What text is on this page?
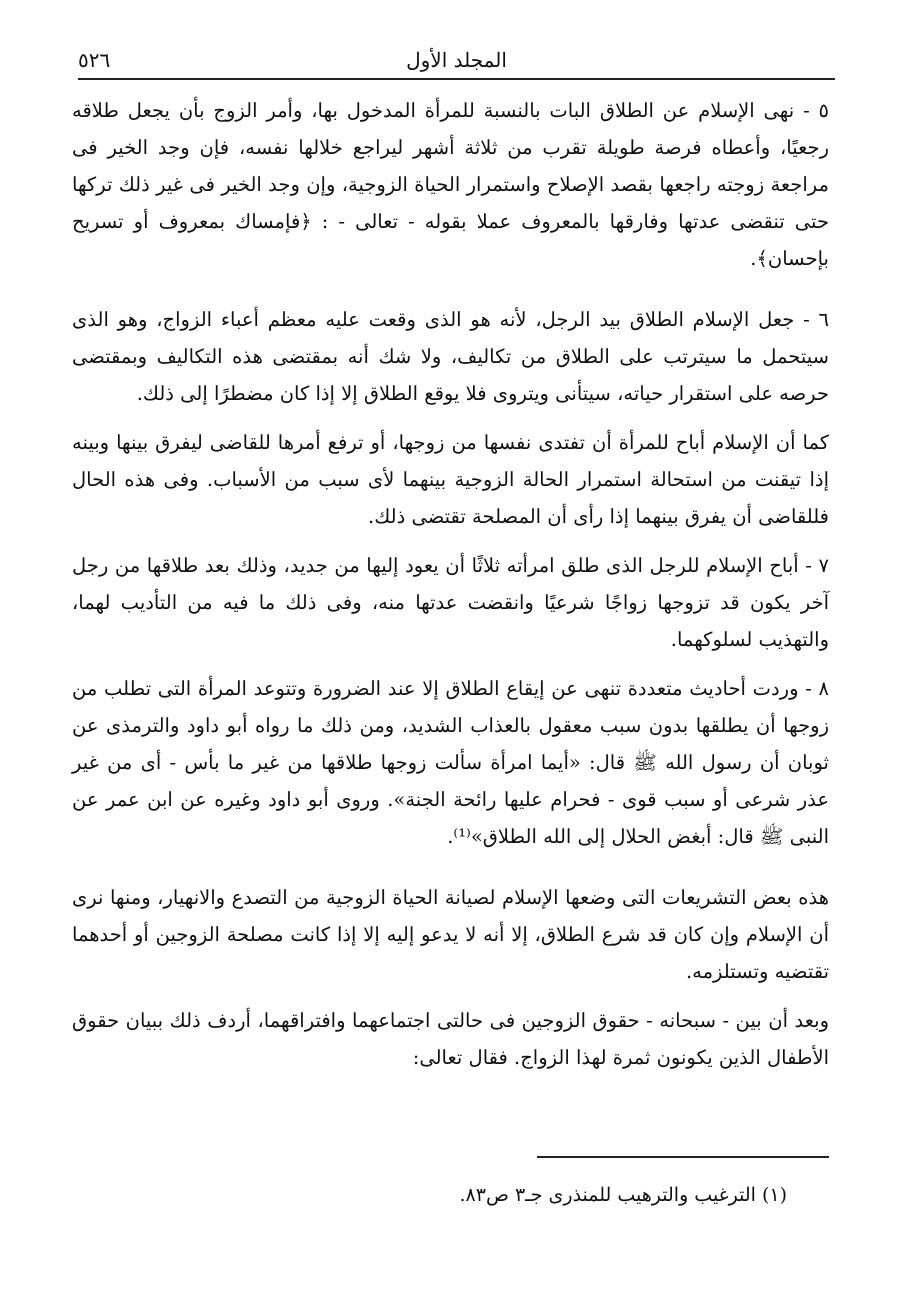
المجلد الأول
٥٢٦

٥ - نهى الإسلام عن الطلاق البات بالنسبة للمرأة المدخول بها، وأمر الزوج بأن يجعل طلاقه رجعيًا، وأعطاه فرصة طويلة تقرب من ثلاثة أشهر ليراجع خلالها نفسه، فإن وجد الخير فى مراجعة زوجته راجعها بقصد الإصلاح واستمرار الحياة الزوجية، وإن وجد الخير فى غير ذلك تركها حتى تنقضى عدتها وفارقها بالمعروف عملا بقوله - تعالى - : ﴿فإمساك بمعروف أو تسريح بإحسان﴾.

٦ - جعل الإسلام الطلاق بيد الرجل، لأنه هو الذى وقعت عليه معظم أعباء الزواج، وهو الذى سيتحمل ما سيترتب على الطلاق من تكاليف، ولا شك أنه بمقتضى هذه التكاليف وبمقتضى حرصه على استقرار حياته، سيتأنى ويتروى فلا يوقع الطلاق إلا إذا كان مضطرًا إلى ذلك.

كما أن الإسلام أباح للمرأة أن تفتدى نفسها من زوجها، أو ترفع أمرها للقاضى ليفرق بينها وبينه إذا تيقنت من استحالة استمرار الحالة الزوجية بينهما لأى سبب من الأسباب. وفى هذه الحال فللقاضى أن يفرق بينهما إذا رأى أن المصلحة تقتضى ذلك.

٧ - أباح الإسلام للرجل الذى طلق امرأته ثلاثًا أن يعود إليها من جديد، وذلك بعد طلاقها من رجل آخر يكون قد تزوجها زواجًا شرعيًا وانقضت عدتها منه، وفى ذلك ما فيه من التأديب لهما، والتهذيب لسلوكهما.

٨ - وردت أحاديث متعددة تنهى عن إيقاع الطلاق إلا عند الضرورة وتتوعد المرأة التى تطلب من زوجها أن يطلقها بدون سبب معقول بالعذاب الشديد، ومن ذلك ما رواه أبو داود والترمذى عن ثوبان أن رسول الله ﷺ قال: «أيما امرأة سألت زوجها طلاقها من غير ما بأس - أى من غير عذر شرعى أو سبب قوى - فحرام عليها رائحة الجنة». وروى أبو داود وغيره عن ابن عمر عن النبى ﷺ قال: أبغض الحلال إلى الله الطلاق»⁽¹⁾.

هذه بعض التشريعات التى وضعها الإسلام لصيانة الحياة الزوجية من التصدع والانهيار، ومنها نرى أن الإسلام وإن كان قد شرع الطلاق، إلا أنه لا يدعو إليه إلا إذا كانت مصلحة الزوجين أو أحدهما تقتضيه وتستلزمه.

وبعد أن بين - سبحانه - حقوق الزوجين فى حالتى اجتماعهما وافتراقهما، أردف ذلك ببيان حقوق الأطفال الذين يكونون ثمرة لهذا الزواج. فقال تعالى:

(١) الترغيب والترهيب للمنذرى جـ٣ ص٨٣.
